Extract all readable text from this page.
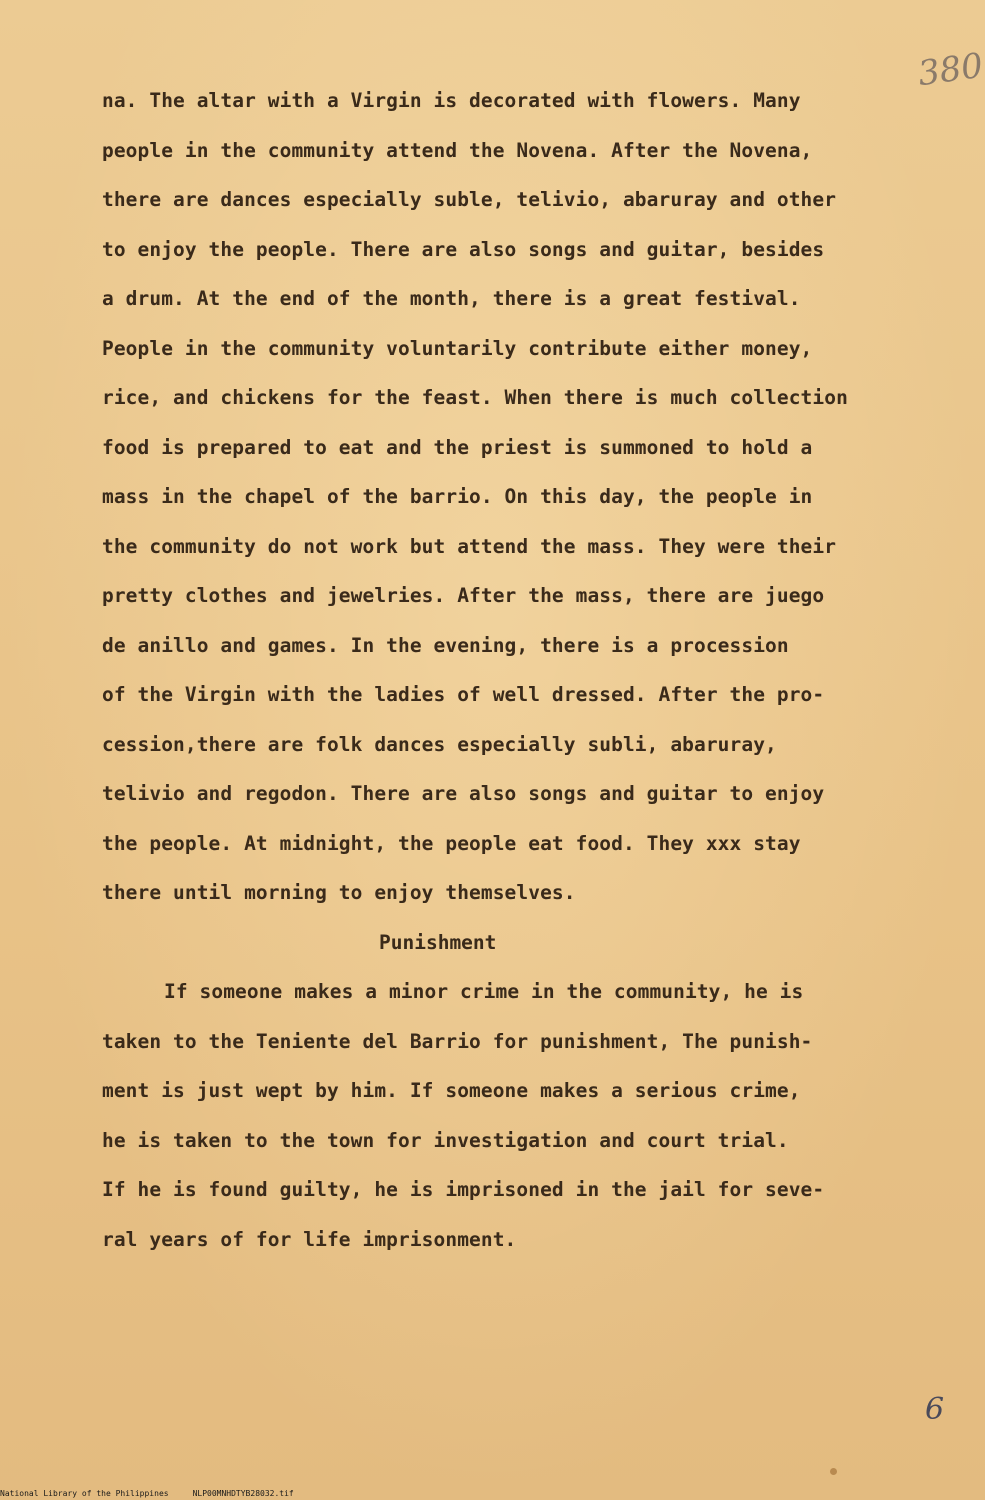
380
na. The altar with a Virgin is decorated with flowers. Many
people in the community attend the Novena. After the Novena,
there are dances especially suble, telivio, abaruray and other
to enjoy the people. There are also songs and guitar, besides
a drum. At the end of the month, there is a great festival.
People in the community voluntarily contribute either money,
rice, and chickens for the feast. When there is much collection
food is prepared to eat and the priest is summoned to hold a
mass in the chapel of the barrio. On this day, the people in
the community do not work but attend the mass. They were their
pretty clothes and jewelries. After the mass, there are juego
de anillo and games. In the evening, there is a procession
of the Virgin with the ladies of well dressed. After the pro-
cession,there are folk dances especially subli, abaruray,
telivio and regodon. There are also songs and guitar to enjoy
the people. At midnight, the people eat food. They xxx stay
there until morning to enjoy themselves.
Punishment
If someone makes a minor crime in the community, he is
taken to the Teniente del Barrio for punishment, The punish-
ment is just wept by him. If someone makes a serious crime,
he is taken to the town for investigation and court trial.
If he is found guilty, he is imprisoned in the jail for seve-
ral years of for life imprisonment.
6
National Library of the Philippines	NLP00MNHDTYB28032.tif
